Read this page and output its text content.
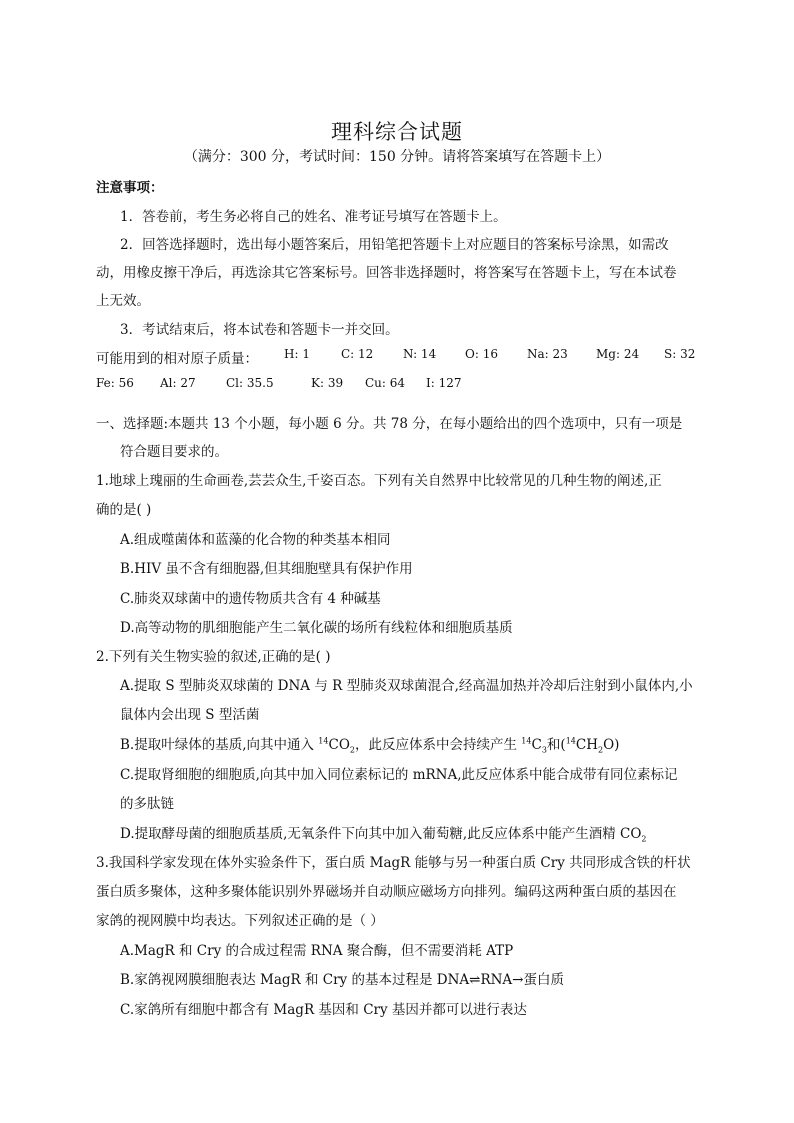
理科综合试题
（满分：300 分，考试时间：150 分钟。请将答案填写在答题卡上）
注意事项：
1．答卷前，考生务必将自己的姓名、准考证号填写在答题卡上。
2．回答选择题时，选出每小题答案后，用铅笔把答题卡上对应题目的答案标号涂黑，如需改
动，用橡皮擦干净后，再选涂其它答案标号。回答非选择题时，将答案写在答题卡上，写在本试卷
上无效。
3．考试结束后，将本试卷和答题卡一并交回。
可能用到的相对原子质量： H: 1	C: 12 N: 14 O: 16 Na: 23 Mg: 24 S: 32
Fe: 56 Al: 27	Cl: 35.5	K: 39 Cu: 64 I: 127
一、选择题:本题共 13 个小题，每小题 6 分。共 78 分，在每小题给出的四个选项中，只有一项是
符合题目要求的。
1.地球上瑰丽的生命画卷,芸芸众生,千姿百态。下列有关自然界中比较常见的几种生物的阐述,正
确的是( )
A.组成噬菌体和蓝藻的化合物的种类基本相同
B.HIV 虽不含有细胞器,但其细胞壁具有保护作用
C.肺炎双球菌中的遗传物质共含有 4 种碱基
D.高等动物的肌细胞能产生二氧化碳的场所有线粒体和细胞质基质
2.下列有关生物实验的叙述,正确的是( )
A.提取 S 型肺炎双球菌的 DNA 与 R 型肺炎双球菌混合,经高温加热并冷却后注射到小鼠体内,小
鼠体内会出现 S 型活菌
B.提取叶绿体的基质,向其中通入 $^{14}CO_2$，此反应体系中会持续产生 $^{14}C_3$和$(^{14}CH_2O)$
C.提取肾细胞的细胞质,向其中加入同位素标记的 mRNA,此反应体系中能合成带有同位素标记
的多肽链
D.提取酵母菌的细胞质基质,无氧条件下向其中加入葡萄糖,此反应体系中能产生酒精 $CO_2$
3.我国科学家发现在体外实验条件下，蛋白质 MagR 能够与另一种蛋白质 Cry 共同形成含铁的杆状
蛋白质多聚体，这种多聚体能识别外界磁场并自动顺应磁场方向排列。编码这两种蛋白质的基因在
家鸽的视网膜中均表达。下列叙述正确的是（ ）
A.MagR 和 Cry 的合成过程需 RNA 聚合酶，但不需要消耗 ATP
B.家鸽视网膜细胞表达 MagR 和 Cry 的基本过程是 DNA⇌RNA→蛋白质
C.家鸽所有细胞中都含有 MagR 基因和 Cry 基因并都可以进行表达
